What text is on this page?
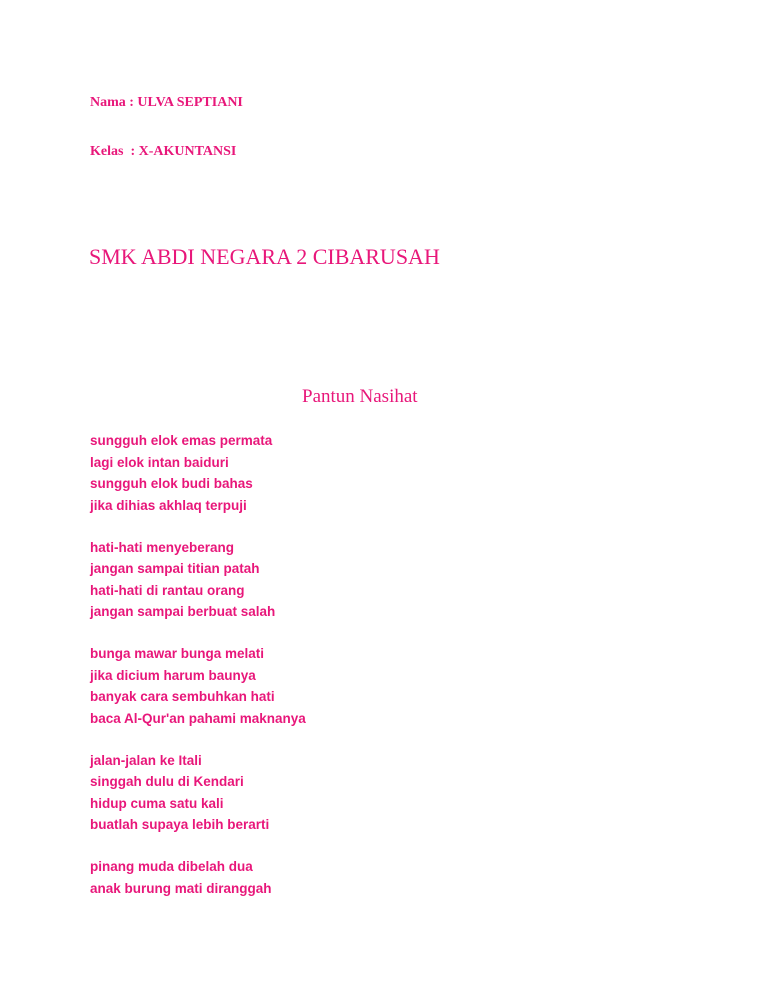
Nama : ULVA SEPTIANI
Kelas  : X-AKUNTANSI
SMK ABDI NEGARA 2 CIBARUSAH
Pantun Nasihat
sungguh elok emas permata
lagi elok intan baiduri
sungguh elok budi bahas
jika dihias akhlaq terpuji
hati-hati menyeberang
jangan sampai titian patah
hati-hati di rantau orang
jangan sampai berbuat salah
bunga mawar bunga melati
jika dicium harum baunya
banyak cara sembuhkan hati
baca Al-Qur'an pahami maknanya
jalan-jalan ke Itali
singgah dulu di Kendari
hidup cuma satu kali
buatlah supaya lebih berarti
pinang muda dibelah dua
anak burung mati diranggah
